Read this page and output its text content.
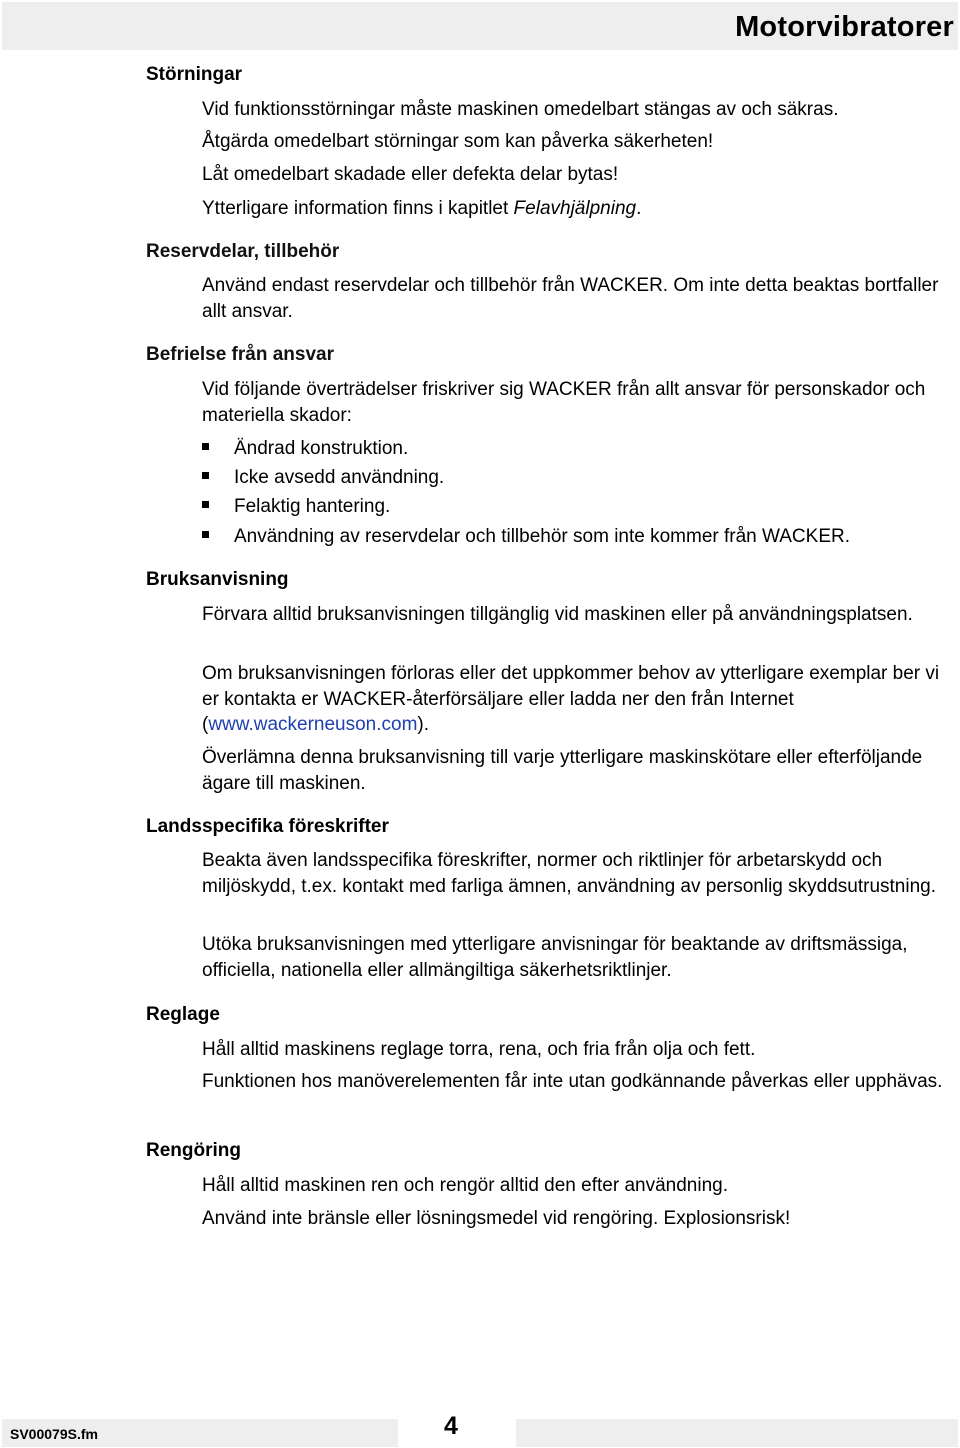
Motorvibratorer
Störningar
Vid funktionsstörningar måste maskinen omedelbart stängas av och säkras.
Åtgärda omedelbart störningar som kan påverka säkerheten!
Låt omedelbart skadade eller defekta delar bytas!
Ytterligare information finns i kapitlet Felavhjälpning.
Reservdelar, tillbehör
Använd endast reservdelar och tillbehör från WACKER. Om inte detta beaktas bortfaller allt ansvar.
Befrielse från ansvar
Vid följande överträdelser friskriver sig WACKER från allt ansvar för personskador och materiella skador:
Ändrad konstruktion.
Icke avsedd användning.
Felaktig hantering.
Användning av reservdelar och tillbehör som inte kommer från WACKER.
Bruksanvisning
Förvara alltid bruksanvisningen tillgänglig vid maskinen eller på användningsplatsen.
Om bruksanvisningen förloras eller det uppkommer behov av ytterligare exemplar ber vi er kontakta er WACKER-återförsäljare eller ladda ner den från Internet (www.wackerneuson.com).
Överlämna denna bruksanvisning till varje ytterligare maskinskötare eller efterföljande ägare till maskinen.
Landsspecifika föreskrifter
Beakta även landsspecifika föreskrifter, normer och riktlinjer för arbetarskydd och miljöskydd, t.ex. kontakt med farliga ämnen, användning av personlig skyddsutrustning.
Utöka bruksanvisningen med ytterligare anvisningar för beaktande av driftsmässiga, officiella, nationella eller allmängiltiga säkerhetsriktlinjer.
Reglage
Håll alltid maskinens reglage torra, rena, och fria från olja och fett.
Funktionen hos manöverelementen får inte utan godkännande påverkas eller upphävas.
Rengöring
Håll alltid maskinen ren och rengör alltid den efter användning.
Använd inte bränsle eller lösningsmedel vid rengöring. Explosionsrisk!
SV00079S.fm	4
